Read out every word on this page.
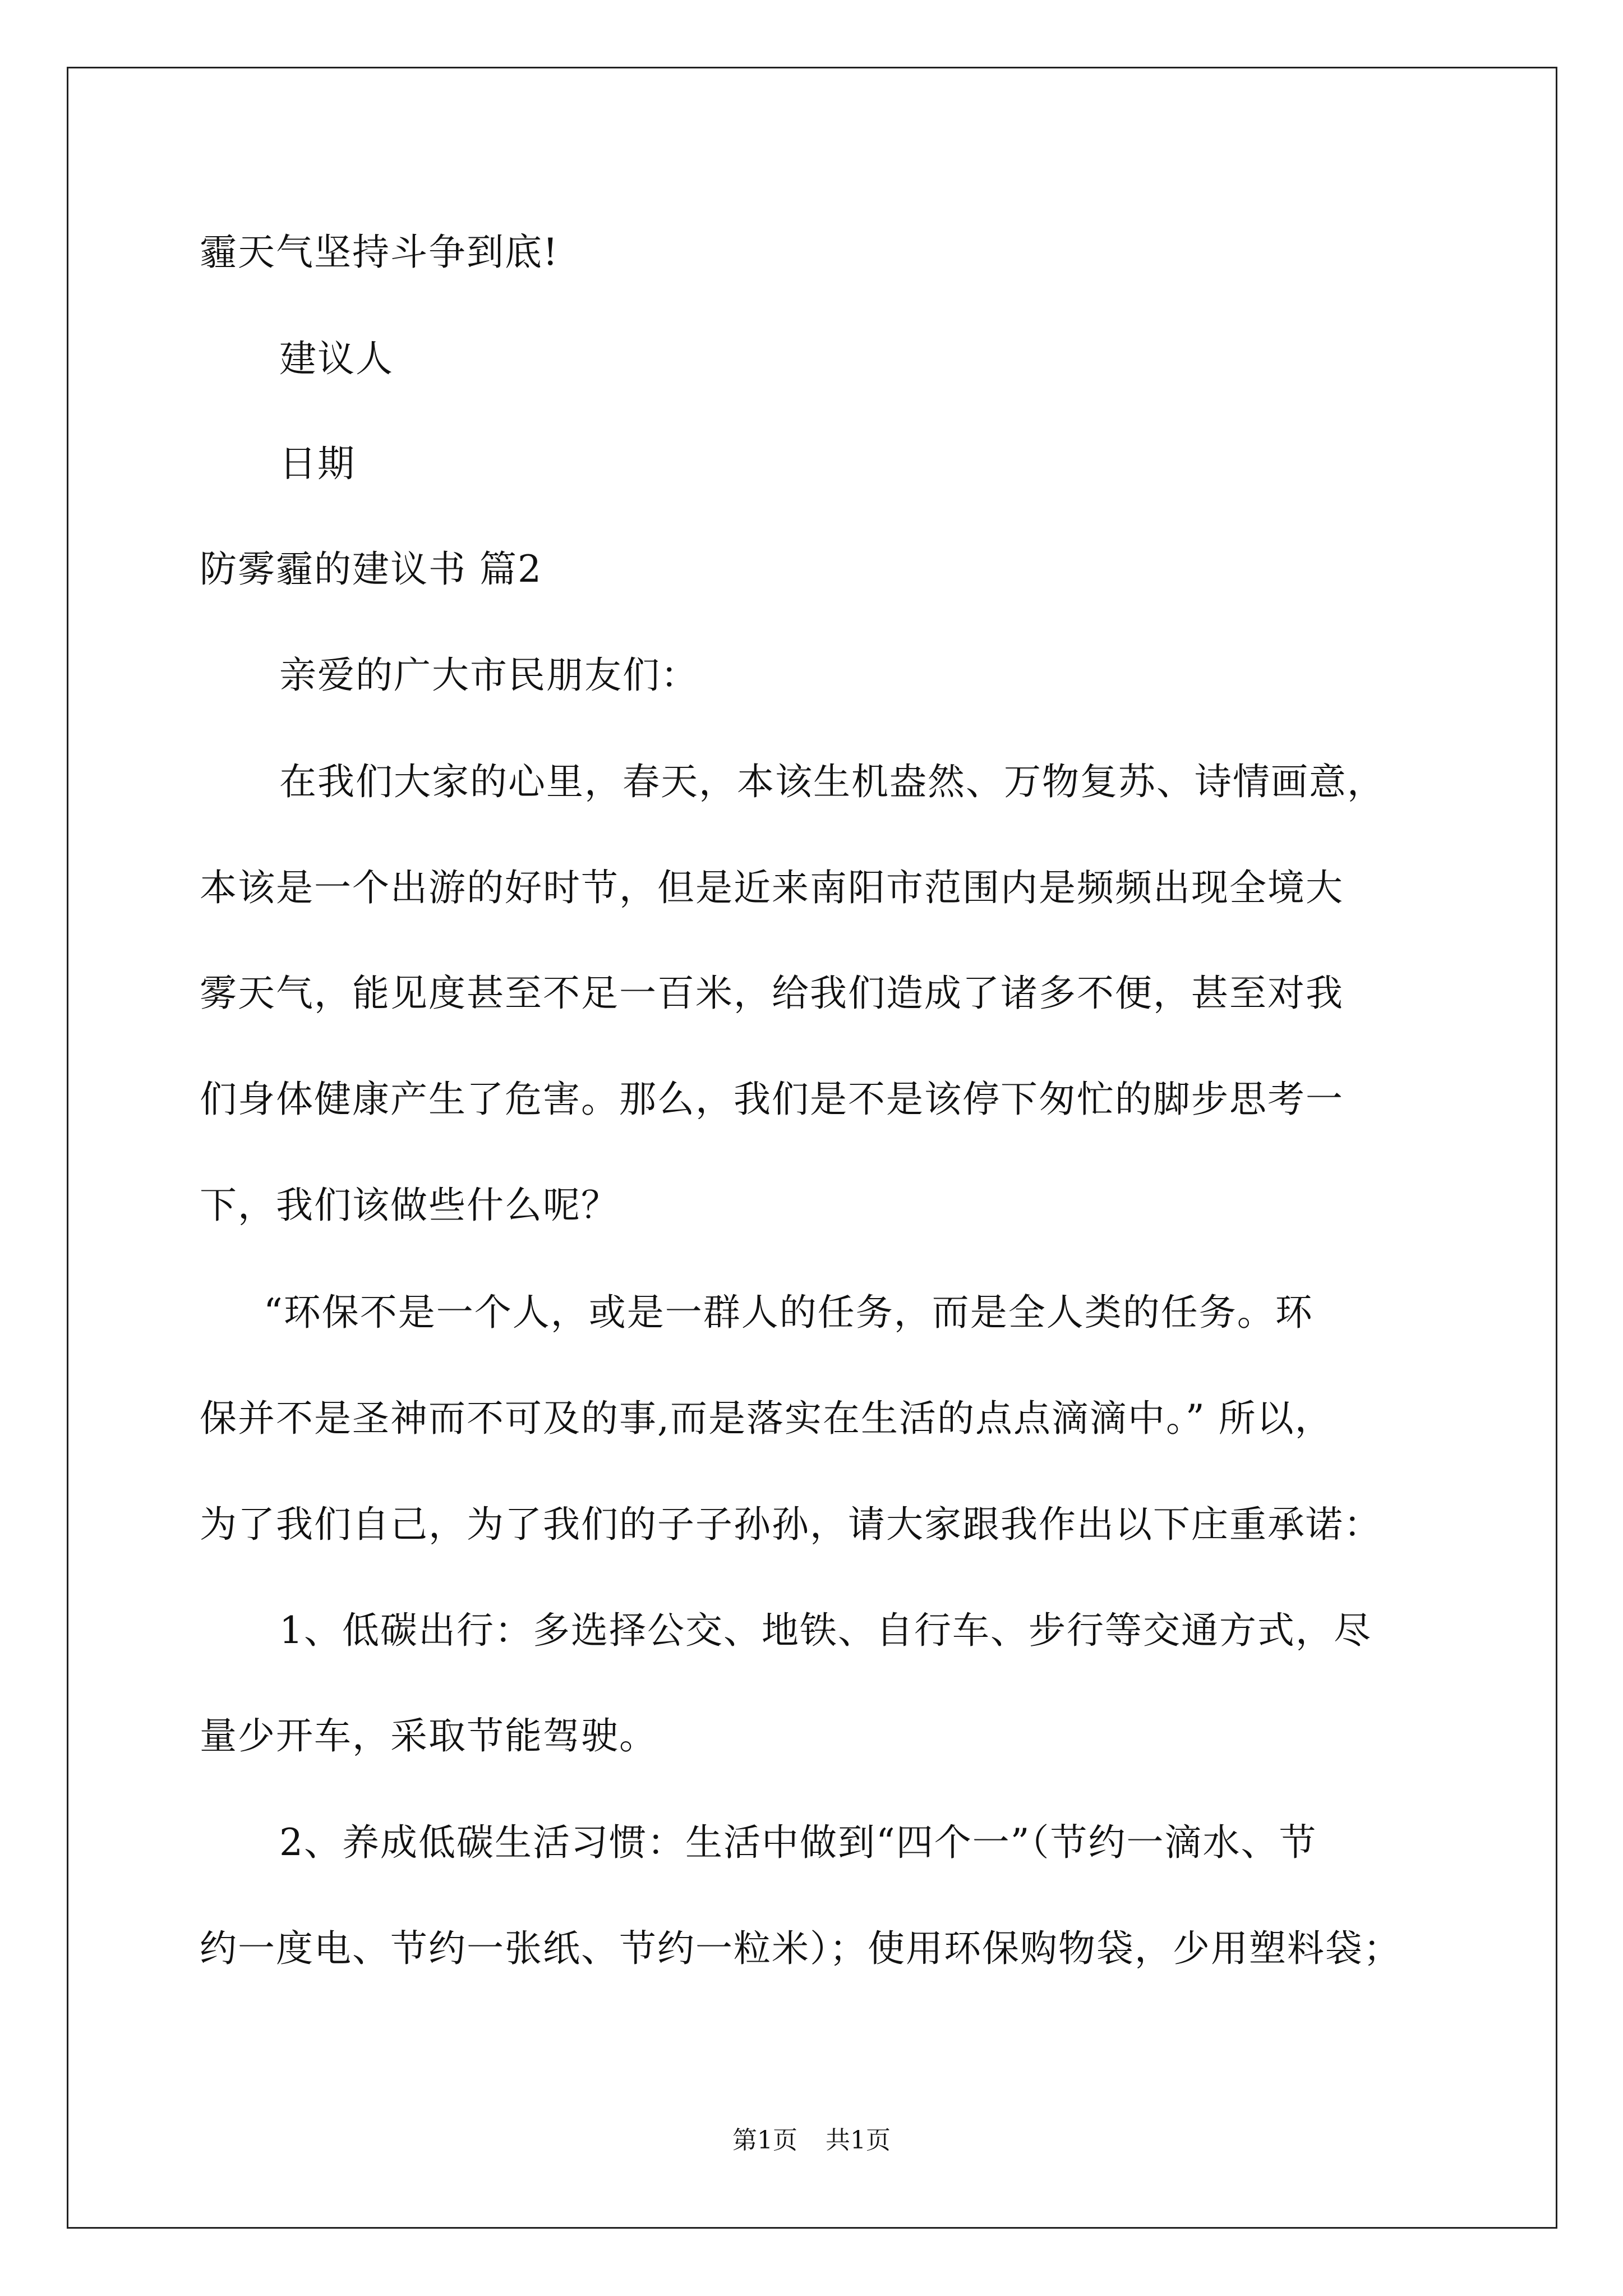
霾天气坚持斗争到底!
建议人
日期
防雾霾的建议书 篇2
亲爱的广大市民朋友们：
在我们大家的心里，春天，本该生机盎然、万物复苏、诗情画意，
本该是一个出游的好时节，但是近来南阳市范围内是频频出现全境大
雾天气，能见度甚至不足一百米，给我们造成了诸多不便，甚至对我
们身体健康产生了危害。那么，我们是不是该停下匆忙的脚步思考一
下，我们该做些什么呢？
“环保不是一个人，或是一群人的任务，而是全人类的任务。环
保并不是圣神而不可及的事,而是落实在生活的点点滴滴中。” 所以，
为了我们自己，为了我们的子子孙孙，请大家跟我作出以下庄重承诺：
1、低碳出行：多选择公交、地铁、自行车、步行等交通方式，尽
量少开车，采取节能驾驶。
2、养成低碳生活习惯：生活中做到“四个一”（节约一滴水、节
约一度电、节约一张纸、节约一粒米）；使用环保购物袋，少用塑料袋；
第1页 共1页
